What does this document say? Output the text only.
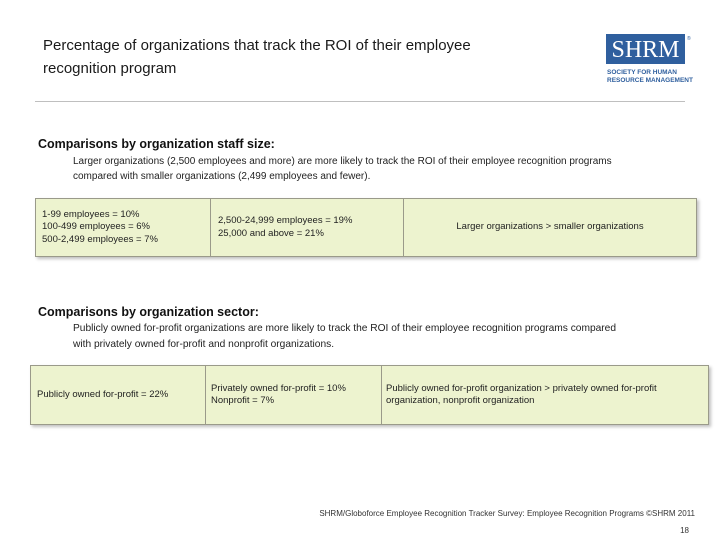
Percentage of organizations that track the ROI of their employee
recognition program
SHRM ®
SOCIETY FOR HUMAN
RESOURCE MANAGEMENT
Comparisons by organization staff size:
Larger organizations (2,500 employees and more) are more likely to track the ROI of their employee recognition programs
compared with smaller organizations (2,499 employees and fewer).
1-99 employees = 10%
100-499 employees = 6%
500-2,499 employees = 7%
2,500-24,999 employees = 19%
25,000 and above = 21%
Larger organizations > smaller organizations
Comparisons by organization sector:
Publicly owned for-profit organizations are more likely to track the ROI of their employee recognition programs compared
with privately owned for-profit and nonprofit organizations.
Publicly owned for-profit = 22%
Privately owned for-profit = 10%
Nonprofit = 7%
Publicly owned for-profit organization > privately owned for-profit
organization, nonprofit organization
SHRM/Globoforce Employee Recognition Tracker Survey: Employee Recognition Programs ©SHRM 2011
18
